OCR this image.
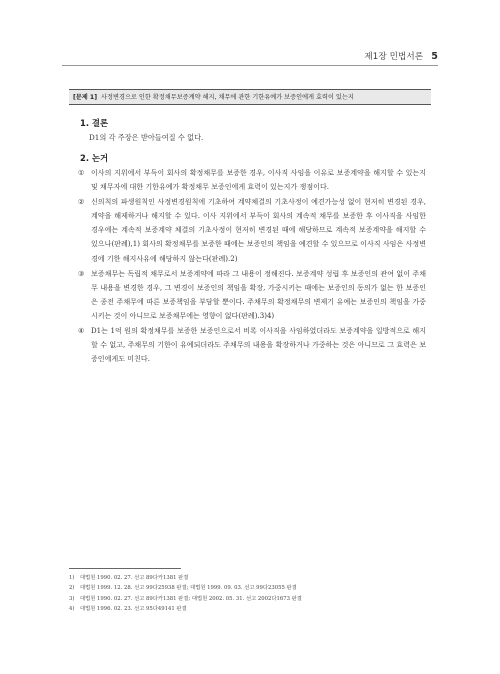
제1장 민법서론 5
[문제 1] 사정변경으로 인한 확정채무보증계약 해지, 채무에 관한 기한유예가 보증인에게 효력이 있는지
1. 결론
D1의 각 주장은 받아들여질 수 없다.
2. 논거
① 이사의 지위에서 부득이 회사의 확정채무를 보증한 경우, 이사직 사임을 이유로 보증계약을 해지할 수 있는지 및 채무자에 대한 기한유예가 확정채무 보증인에게 효력이 있는지가 쟁점이다.
② 신의칙의 파생원칙인 사정변경원칙에 기초하여 계약체결의 기초사정이 예견가능성 없이 현저히 변경된 경우, 계약을 해제하거나 해지할 수 있다. 이사 지위에서 부득이 회사의 계속적 채무를 보증한 후 이사직을 사임한 경우에는 계속적 보증계약 체결의 기초사정이 현저히 변경된 때에 해당하므로 계속적 보증계약을 해지할 수 있으나(판례),1) 회사의 확정채무를 보증한 때에는 보증인의 책임을 예견할 수 있으므로 이사직 사임은 사정변경에 기한 해지사유에 해당하지 않는다(판례).2)
③ 보증채무는 독립적 채무로서 보증계약에 따라 그 내용이 정해진다. 보증계약 성립 후 보증인의 관여 없이 주채무 내용을 변경한 경우, 그 변경이 보증인의 책임을 확장, 가중시키는 때에는 보증인의 동의가 없는 한 보증인은 종전 주채무에 따른 보증책임을 부담할 뿐이다. 주채무의 확정채무의 변제기 유예는 보증인의 책임을 가중시키는 것이 아니므로 보증채무에는 영향이 없다(판례).3)4)
④ D1는 1억 원의 확정채무를 보증한 보증인으로서 비록 이사직을 사임하였더라도 보증계약을 일방적으로 해지할 수 없고, 주채무의 기한이 유예되더라도 주채무의 내용을 확장하거나 가중하는 것은 아니므로 그 효력은 보증인에게도 미친다.
1) 대법원 1990. 02. 27. 선고 89다카1381 판결
2) 대법원 1999. 12. 28. 선고 99다25938 판결; 대법원 1999. 09. 03. 선고 99다23055 판결
3) 대법원 1990. 02. 27. 선고 89다카1381 판결; 대법원 2002. 05. 31. 선고 2002다1673 판결
4) 대법원 1996. 02. 23. 선고 95다49141 판결
